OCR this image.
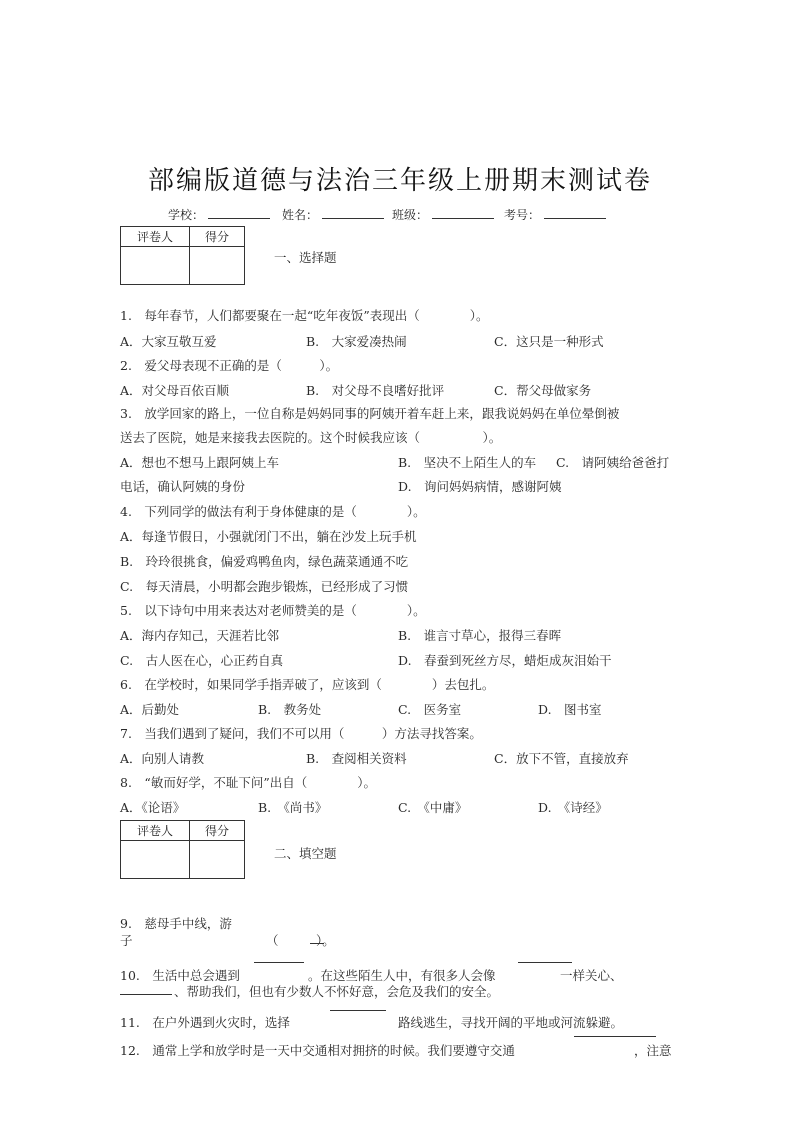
部编版道德与法治三年级上册期末测试卷
学校：	姓名：	班级：	考号：
评卷人	得分

一、选择题
1.　每年春节，人们都要聚在一起“吃年夜饭”表现出（　　　　）。
A．大家互敬互爱	B.　大家爱凑热闹	C．这只是一种形式
2.　爱父母表现不正确的是（　　　）。
A．对父母百依百顺	B.　对父母不良嗜好批评	C．帮父母做家务
3.　放学回家的路上，一位自称是妈妈同事的阿姨开着车赶上来，跟我说妈妈在单位晕倒被
送去了医院，她是来接我去医院的。这个时候我应该（　　　　　）。
A．想也不想马上跟阿姨上车	B.　坚决不上陌生人的车 C.　请阿姨给爸爸打
电话，确认阿姨的身份	D.　询问妈妈病情，感谢阿姨
4.　下列同学的做法有利于身体健康的是（　　　　）。
A．每逢节假日，小强就闭门不出，躺在沙发上玩手机
B.　玲玲很挑食，偏爱鸡鸭鱼肉，绿色蔬菜通通不吃
C.　每天清晨，小明都会跑步锻炼，已经形成了习惯
5.　以下诗句中用来表达对老师赞美的是（　　　　）。
A．海内存知己，天涯若比邻	B.　谁言寸草心，报得三春晖
C.　古人医在心，心正药自真	D.　春蚕到死丝方尽，蜡炬成灰泪始干
6.　在学校时，如果同学手指弄破了，应该到（　　　　）去包扎。
A．后勤处	B.　教务处	C.　医务室	D.　图书室
7.　当我们遇到了疑问，我们不可以用（　　　）方法寻找答案。
A．向别人请教	B.　查阅相关资料	C．放下不管，直接放弃
8.　“敏而好学，不耻下问”出自（　　　　）。
A．《论语》	B.　《尚书》	C.　《中庸》	D.　《诗经》
评卷人	得分

二、填空题
9.　慈母手中线，游
子	（　　　）。
10.　生活中总会遇到	。在这些陌生人中，有很多人会像	一样关心、
、帮助我们，但也有少数人不怀好意，会危及我们的安全。
11.　在户外遇到火灾时，选择	路线逃生，寻找开阔的平地或河流躲避。
12.　通常上学和放学时是一天中交通相对拥挤的时候。我们要遵守交通	，注意
